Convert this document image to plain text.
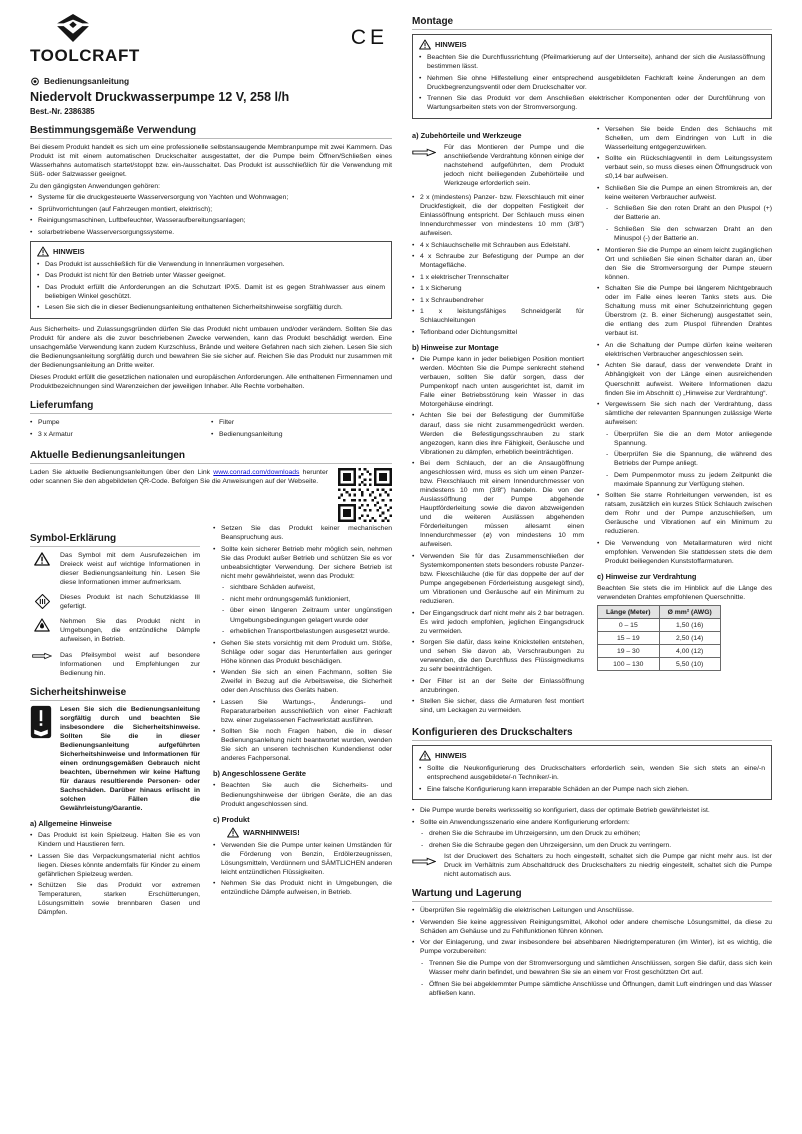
CE
TOOLCRAFT
Bedienungsanleitung
Niedervolt Druckwasserpumpe 12 V, 258 l/h
Best.-Nr. 2386385
Bestimmungsgemäße Verwendung

Bei diesem Produkt handelt es sich um eine professionelle selbstansaugende Membranpumpe mit zwei Kammern. Das Produkt ist mit einem automatischen Druckschalter ausgestattet, der die Pumpe beim Öffnen/Schließen eines Wasserhahns automatisch startet/stoppt bzw. ein-/ausschaltet. Das Produkt ist ausschließlich für die Verwendung mit Süß- oder Salzwasser geeignet.

Zu den gängigsten Anwendungen gehören:

• Systeme für die druckgesteuerte Wasserversorgung von Yachten und Wohnwagen;
• Sprühvorrichtungen (auf Fahrzeugen montiert, elektrisch);
• Reinigungsmaschinen, Luftbefeuchter, Wasseraufbereitungsanlagen;
• solarbetriebene Wasserversorgungssysteme.
HINWEIS
• Das Produkt ist ausschließlich für die Verwendung in Innenräumen vorgesehen.
• Das Produkt ist nicht für den Betrieb unter Wasser geeignet.
• Das Produkt erfüllt die Anforderungen an die Schutzart IPX5. Damit ist es gegen Strahlwasser aus einem beliebigen Winkel geschützt.
• Lesen Sie sich die in dieser Bedienungsanleitung enthaltenen Sicherheitshinweise sorgfältig durch.

Aus Sicherheits- und Zulassungsgründen dürfen Sie das Produkt nicht umbauen und/oder verändern. Sollten Sie das Produkt für andere als die zuvor beschriebenen Zwecke verwenden, kann das Produkt beschädigt werden. Eine unsachgemäße Verwendung kann zudem Kurzschluss, Brände und weitere Gefahren nach sich ziehen. Lesen Sie sich die Bedienungsanleitung sorgfältig durch und bewahren Sie sie sicher auf. Reichen Sie das Produkt nur zusammen mit der Bedienungsanleitung an Dritte weiter.

Dieses Produkt erfüllt die gesetzlichen nationalen und europäischen Anforderungen. Alle enthaltenen Firmennamen und Produktbezeichnungen sind Warenzeichen der jeweiligen Inhaber. Alle Rechte vorbehalten.

Lieferumfang
• Pumpe
• 3 x Armatur
• Filter
• Bedienungsanleitung
Aktuelle Bedienungsanleitungen

Laden Sie aktuelle Bedienungsanleitungen über den Link www.conrad.com/downloads herunter oder scannen Sie den abgebildeten QR-Code. Befolgen Sie die Anweisungen auf der Webseite.

Symbol-Erklärung
Das Symbol mit dem Ausrufezeichen im Dreieck weist auf wichtige Informationen in dieser Bedienungsanleitung hin. Lesen Sie diese Informationen immer aufmerksam.
Dieses Produkt ist nach Schutzklasse III gefertigt.
Nehmen Sie das Produkt nicht in Umgebungen, die entzündliche Dämpfe aufweisen, in Betrieb.
Das Pfeilsymbol weist auf besondere Informationen und Empfehlungen zur Bedienung hin.
Sicherheitshinweise
Lesen Sie sich die Bedienungsanleitung sorgfältig durch und beachten Sie insbesondere die Sicherheitshinweise. Sollten Sie die in dieser Bedienungsanleitung aufgeführten Sicherheitshinweise und Informationen für einen ordnungsgemäßen Gebrauch nicht beachten, übernehmen wir keine Haftung für daraus resultierende Personen- oder Sachschäden. Darüber hinaus erlischt in solchen Fällen die Gewährleistung/Garantie.
a) Allgemeine Hinweise
• Das Produkt ist kein Spielzeug. Halten Sie es von Kindern und Haustieren fern.
• Lassen Sie das Verpackungsmaterial nicht achtlos liegen. Dieses könnte andernfalls für Kinder zu einem gefährlichen Spielzeug werden.
• Schützen Sie das Produkt vor extremen Temperaturen, starken Erschütterungen, Lösungsmitteln sowie brennbaren Gasen und Dämpfen.
• Setzen Sie das Produkt keiner mechanischen Beanspruchung aus.
• Sollte kein sicherer Betrieb mehr möglich sein, nehmen Sie das Produkt außer Betrieb und schützen Sie es vor unbeabsichtigter Verwendung. Der sichere Betrieb ist nicht mehr gewährleistet, wenn das Produkt:
- sichtbare Schäden aufweist,
- nicht mehr ordnungsgemäß funktioniert,
- über einen längeren Zeitraum unter ungünstigen Umgebungsbedingungen gelagert wurde oder
- erheblichen Transportbelastungen ausgesetzt wurde.
• Gehen Sie stets vorsichtig mit dem Produkt um. Stöße, Schläge oder sogar das Herunterfallen aus geringer Höhe können das Produkt beschädigen.
• Wenden Sie sich an einen Fachmann, sollten Sie Zweifel in Bezug auf die Arbeitsweise, die Sicherheit oder den Anschluss des Geräts haben.
• Lassen Sie Wartungs-, Änderungs- und Reparaturarbeiten ausschließlich von einer Fachkraft bzw. einer zugelassenen Fachwerkstatt ausführen.
• Sollten Sie noch Fragen haben, die in dieser Bedienungsanleitung nicht beantwortet wurden, wenden Sie sich an unseren technischen Kundendienst oder anderes Fachpersonal.
b) Angeschlossene Geräte
• Beachten Sie auch die Sicherheits- und Bedienungshinweise der übrigen Geräte, die an das Produkt angeschlossen sind.
c) Produkt
WARNHINWEIS!
• Verwenden Sie die Pumpe unter keinen Umständen für die Förderung von Benzin, Erdölerzeugnissen, Lösungsmitteln, Verdünnern und SÄMTLICHEN anderen leicht entzündlichen Flüssigkeiten.
• Nehmen Sie das Produkt nicht in Umgebungen, die entzündliche Dämpfe aufweisen, in Betrieb.
Montage
HINWEIS
• Beachten Sie die Durchflussrichtung (Pfeilmarkierung auf der Unterseite), anhand der sich die Auslassöffnung bestimmen lässt.
• Nehmen Sie ohne Hilfestellung einer entsprechend ausgebildeten Fachkraft keine Änderungen an dem Druckbegrenzungsventil oder dem Druckschalter vor.
• Trennen Sie das Produkt vor dem Anschließen elektrischer Komponenten oder der Durchführung von Wartungsarbeiten stets von der Stromversorgung.
a) Zubehörteile und Werkzeuge
Für das Montieren der Pumpe und die anschließende Verdrahtung können einige der nachstehend aufgeführten, dem Produkt jedoch nicht beiliegenden Zubehörteile und Werkzeuge erforderlich sein.
• 2 x (mindestens) Panzer- bzw. Flexschlauch mit einer Druckfestigkeit, die der doppelten Festigkeit der Einlassöffnung entspricht. Der Schlauch muss einen Innendurchmesser von mindestens 10 mm (3/8") aufweisen.
• 4 x Schlauchschelle mit Schrauben aus Edelstahl.
• 4 x Schraube zur Befestigung der Pumpe an der Montagefläche.
• 1 x elektrischer Trennschalter
• 1 x Sicherung
• 1 x Schraubendreher
• 1 x leistungsfähiges Schneidgerät für Schlauchleitungen
• Teflonband oder Dichtungsmittel
b) Hinweise zur Montage
• Die Pumpe kann in jeder beliebigen Position montiert werden. Möchten Sie die Pumpe senkrecht stehend verbauen, sollten Sie dafür sorgen, dass der Pumpenkopf nach unten ausgerichtet ist, damit im Falle einer Betriebsstörung kein Wasser in das Motorgehäuse eindringt.
• Achten Sie bei der Befestigung der Gummifüße darauf, dass sie nicht zusammengedrückt werden. Werden die Befestigungsschrauben zu stark angezogen, kann dies ihre Fähigkeit, Geräusche und Vibrationen zu dämpfen, erheblich beeinträchtigen.
• Bei dem Schlauch, der an die Ansaugöffnung angeschlossen wird, muss es sich um einen Panzer- bzw. Flexschlauch mit einem Innendurchmesser von mindestens 10 mm (3/8") handeln. Die von der Auslassöffnung der Pumpe abgehende Hauptförderleitung sowie die davon abzweigenden und die weiteren Auslässen abgehenden Förderleitungen müssen allesamt einen Innendurchmesser (ø) von mindestens 10 mm aufweisen.
• Verwenden Sie für das Zusammenschließen der Systemkomponenten stets besonders robuste Panzer- bzw. Flexschläuche (die für das doppelte der auf der Pumpe angegebenen Förderleistung ausgelegt sind), um Vibrationen und Geräusche auf ein Minimum zu reduzieren.
• Der Eingangsdruck darf nicht mehr als 2 bar betragen. Es wird jedoch empfohlen, jeglichen Eingangsdruck zu vermeiden.
• Sorgen Sie dafür, dass keine Knickstellen entstehen, und sehen Sie davon ab, Verschraubungen zu verwenden, die den Durchfluss des Flüssigmediums zu sehr beeinträchtigen.
• Der Filter ist an der Seite der Einlassöffnung anzubringen.
• Stellen Sie sicher, dass die Armaturen fest montiert sind, um Leckagen zu vermeiden.
• Versehen Sie beide Enden des Schlauchs mit Schellen, um dem Eindringen von Luft in die Wasserleitung entgegenzuwirken.
• Sollte ein Rückschlagventil in dem Leitungssystem verbaut sein, so muss dieses einen Öffnungsdruck von ≤0,14 bar aufweisen.
• Schließen Sie die Pumpe an einen Stromkreis an, der keine weiteren Verbraucher aufweist.
- Schließen Sie den roten Draht an den Pluspol (+) der Batterie an.
- Schließen Sie den schwarzen Draht an den Minuspol (-) der Batterie an.
• Montieren Sie die Pumpe an einem leicht zugänglichen Ort und schließen Sie einen Schalter daran an, über den Sie die Stromversorgung der Pumpe steuern können.
• Schalten Sie die Pumpe bei längerem Nichtgebrauch oder im Falle eines leeren Tanks stets aus. Die Schaltung muss mit einer Schutzeinrichtung gegen Überstrom (z. B. einer Sicherung) ausgestattet sein, die entlang des zum Pluspol führenden Drahtes verbaut ist.
• An die Schaltung der Pumpe dürfen keine weiteren elektrischen Verbraucher angeschlossen sein.
• Achten Sie darauf, dass der verwendete Draht in Abhängigkeit von der Länge einen ausreichenden Querschnitt aufweist. Weitere Informationen dazu finden Sie im Abschnitt c) „Hinweise zur Verdrahtung“.
• Vergewissern Sie sich nach der Verdrahtung, dass sämtliche der relevanten Spannungen zulässige Werte aufweisen:
- Überprüfen Sie die an dem Motor anliegende Spannung.
- Überprüfen Sie die Spannung, die während des Betriebs der Pumpe anliegt.
- Dem Pumpenmotor muss zu jedem Zeitpunkt die maximale Spannung zur Verfügung stehen.
• Sollten Sie starre Rohrleitungen verwenden, ist es ratsam, zusätzlich ein kurzes Stück Schlauch zwischen dem Rohr und der Pumpe anzuschließen, um Geräusche und Vibrationen auf ein Minimum zu reduzieren.
• Die Verwendung von Metallarmaturen wird nicht empfohlen. Verwenden Sie stattdessen stets die dem Produkt beiliegenden Kunststoffarmaturen.
c) Hinweise zur Verdrahtung

Beachten Sie stets die im Hinblick auf die Länge des verwendeten Drahtes empfohlenen Querschnitte.

Länge (Meter)	Ø mm² (AWG)
0 – 15	1,50 (16)
15 – 19	2,50 (14)
19 – 30	4,00 (12)
100 – 130	5,50 (10)
Konfigurieren des Druckschalters
HINWEIS
• Sollte die Neukonfigurierung des Druckschalters erforderlich sein, wenden Sie sich stets an eine/-n entsprechend ausgebildete/-n Techniker/-in.
• Eine falsche Konfigurierung kann irreparable Schäden an der Pumpe nach sich ziehen.
• Die Pumpe wurde bereits werksseitig so konfiguriert, dass der optimale Betrieb gewährleistet ist.
• Sollte ein Anwendungsszenario eine andere Konfigurierung erfordern:
- drehen Sie die Schraube im Uhrzeigersinn, um den Druck zu erhöhen;
- drehen Sie die Schraube gegen den Uhrzeigersinn, um den Druck zu verringern.
Ist der Druckwert des Schalters zu hoch eingestellt, schaltet sich die Pumpe gar nicht mehr aus. Ist der Druck im Verhältnis zum Abschaltdruck des Druckschalters zu niedrig eingestellt, schaltet sich die Pumpe nicht automatisch aus.
Wartung und Lagerung
• Überprüfen Sie regelmäßig die elektrischen Leitungen und Anschlüsse.
• Verwenden Sie keine aggressiven Reinigungsmittel, Alkohol oder andere chemische Lösungsmittel, da diese zu Schäden am Gehäuse und zu Fehlfunktionen führen können.
• Vor der Einlagerung, und zwar insbesondere bei absehbaren Niedrigtemperaturen (im Winter), ist es wichtig, die Pumpe vorzubereiten:
- Trennen Sie die Pumpe von der Stromversorgung und sämtlichen Anschlüssen, sorgen Sie dafür, dass sich kein Wasser mehr darin befindet, und bewahren Sie sie an einem vor Frost geschützten Ort auf.
- Öffnen Sie bei abgeklemmter Pumpe sämtliche Anschlüsse und Öffnungen, damit Luft eindringen und das Wasser abfließen kann.
